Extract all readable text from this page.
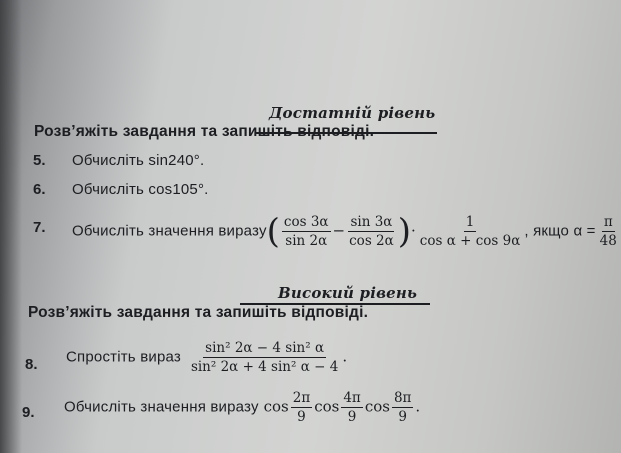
Достатній рівень
Розв’яжіть завдання та запишіть відповіді.
5. Обчисліть sin240°.
6. Обчисліть cos105°.
7. Обчисліть значення виразу( $\frac{\cos 3\alpha}{\sin 2\alpha} - \frac{\sin 3\alpha}{\cos 2\alpha}$ )· $\frac{1}{\text{cos α + cos 9α}}$ , якщо $\alpha = \frac{\pi}{48}$
Високий рівень
Розв’яжіть завдання та запишіть відповіді.
8. Спростіть вираз $\frac{\text{sin² 2α − 4 sin² α}}{\text{sin² 2α + 4 sin² α − 4}}$ .
9. Обчисліть значення виразу $\cos \frac{2\pi}{9}$ $\cos \frac{4\pi}{9}$ $\cos \frac{8\pi}{9}$ .
